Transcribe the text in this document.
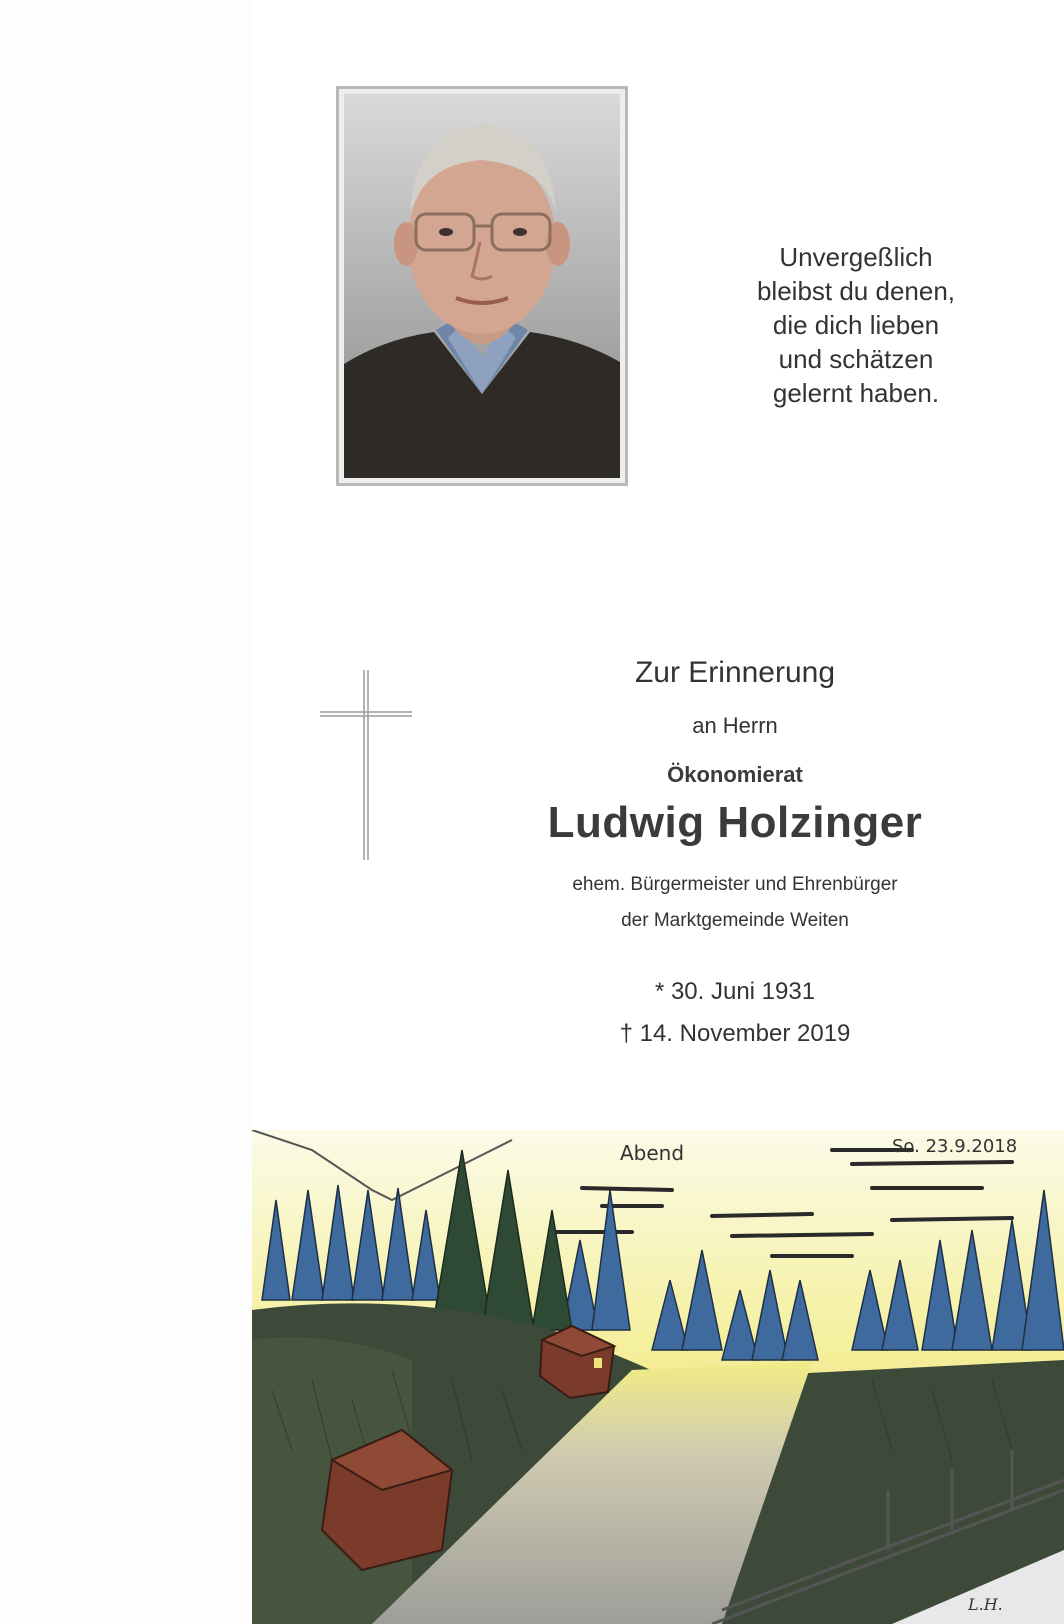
Unvergeßlich
bleibst du denen,
die dich lieben
und schätzen
gelernt haben.
Zur Erinnerung
an Herrn
Ökonomierat
Ludwig Holzinger
ehem. Bürgermeister und Ehrenbürger
der Marktgemeinde Weiten
* 30. Juni 1931
† 14. November 2019
Abend	So. 23.9.2018
L.H.
